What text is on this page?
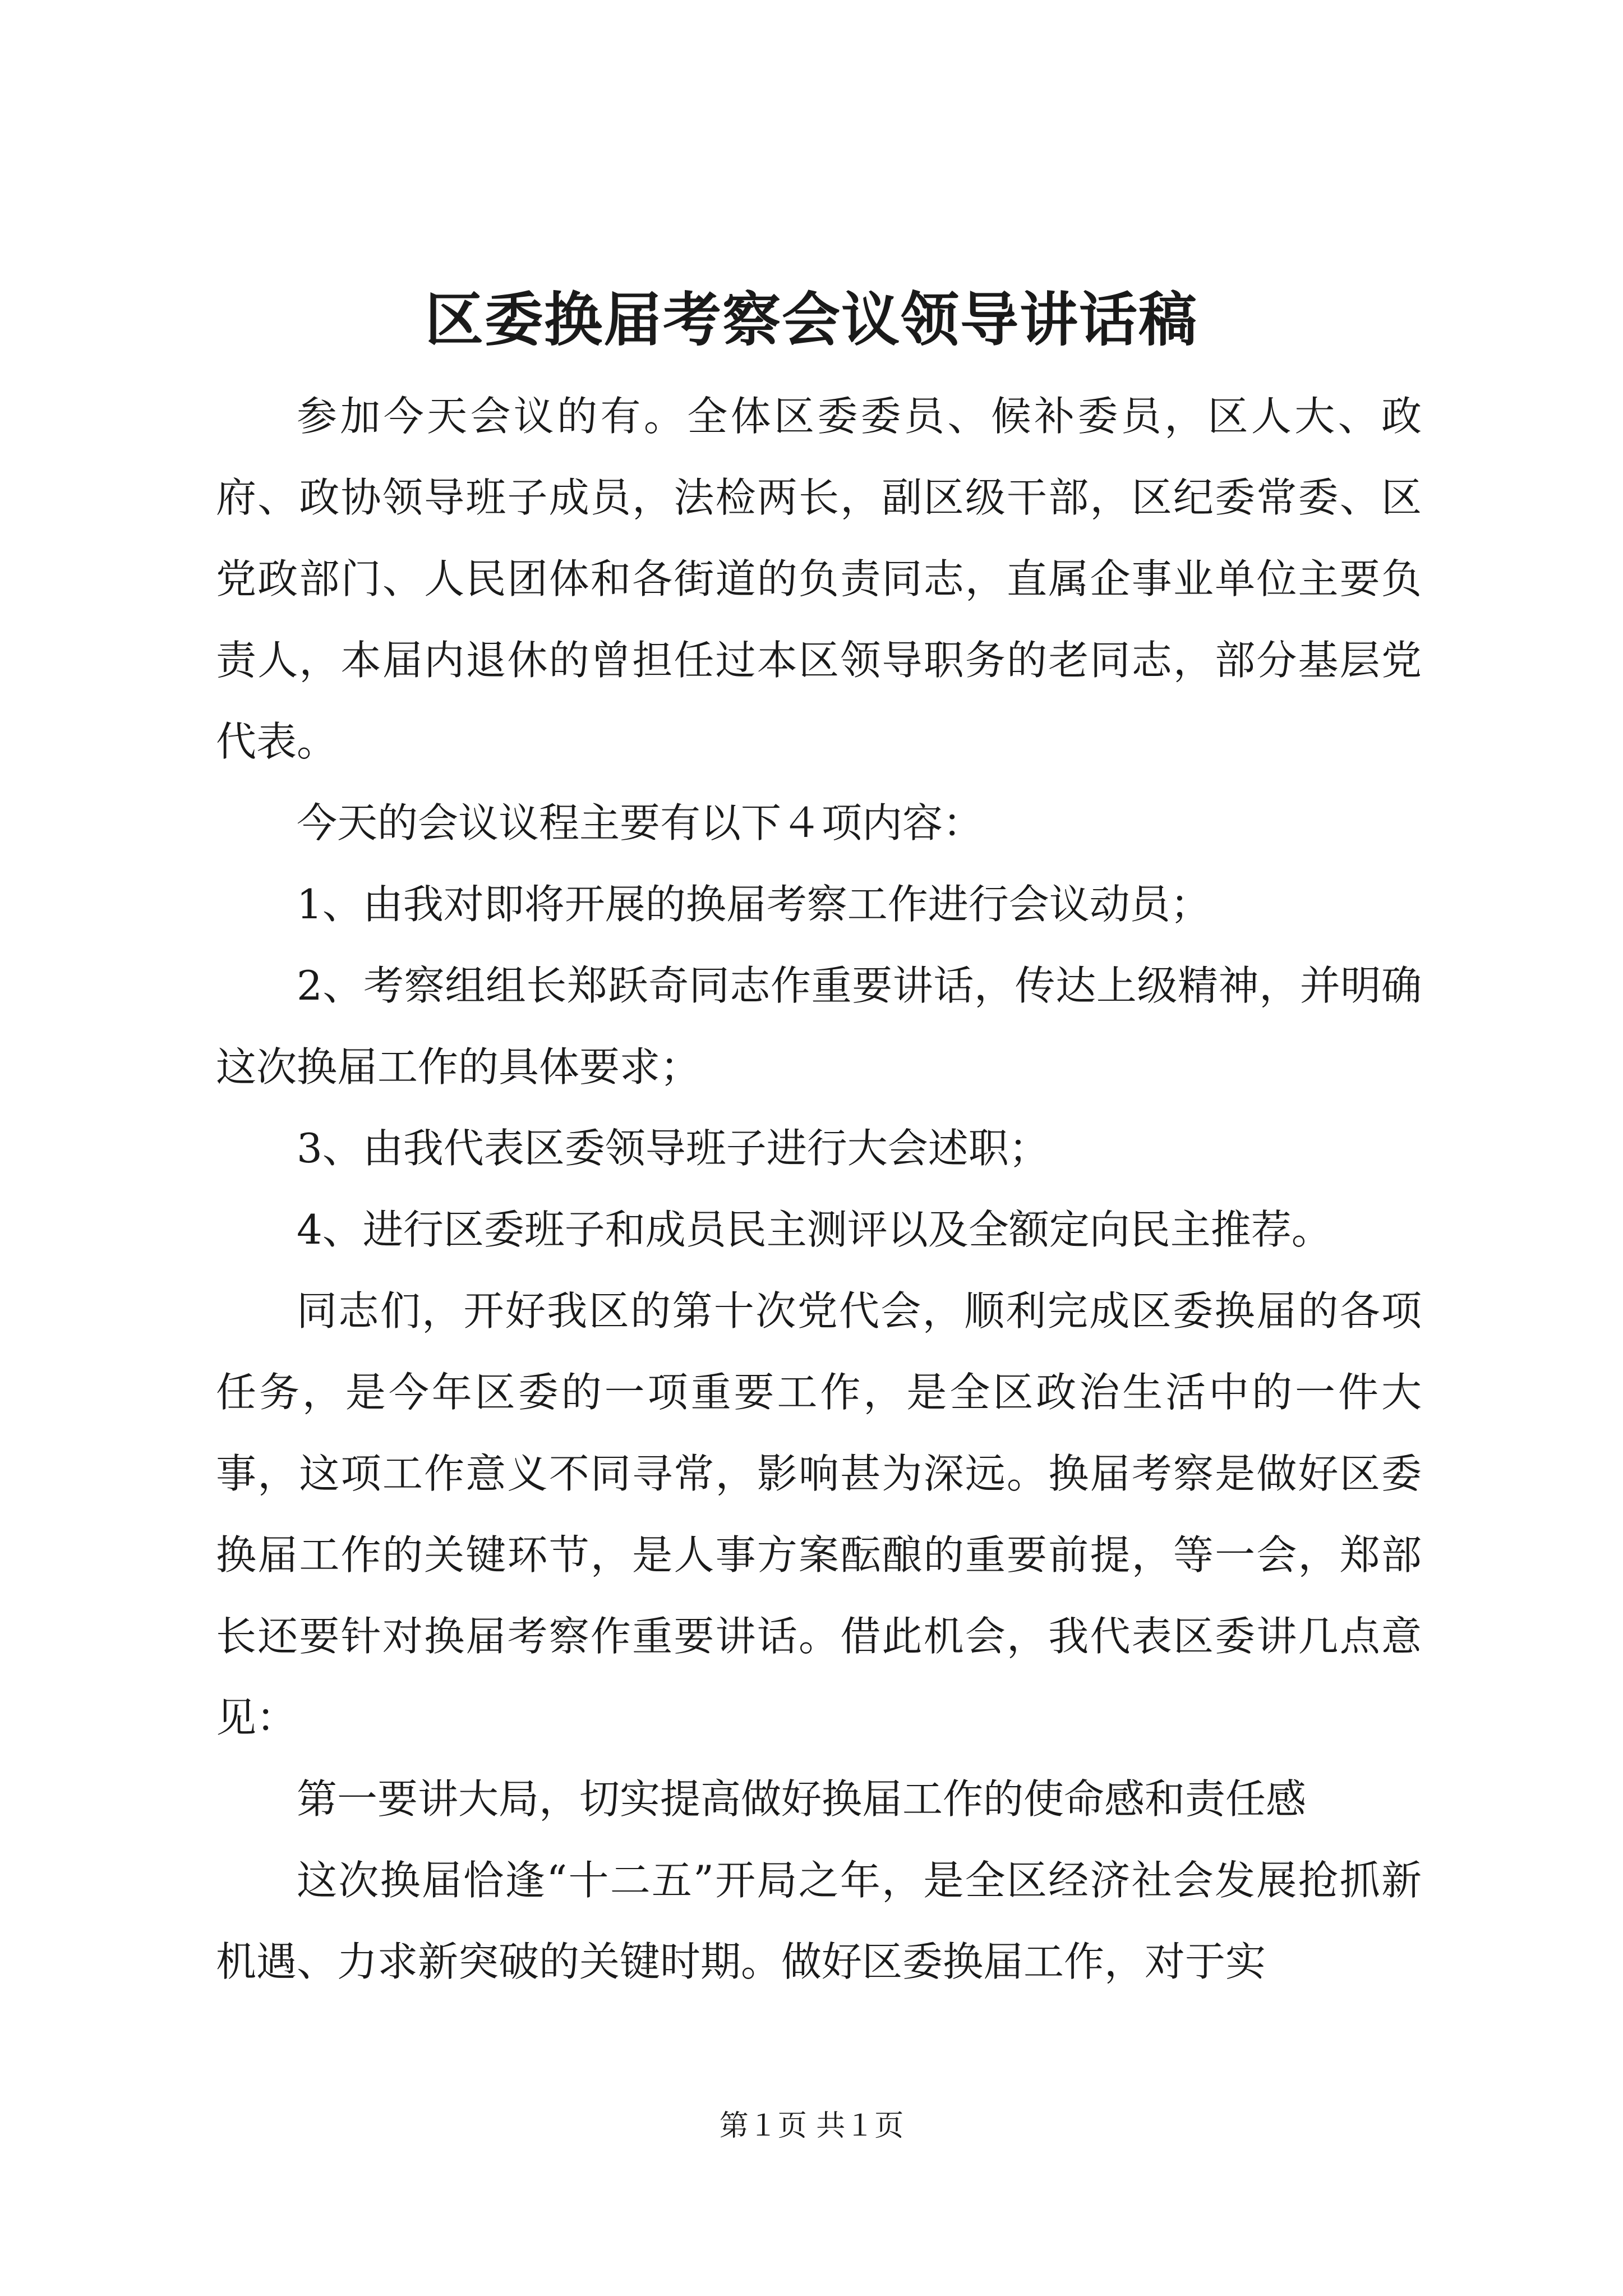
区委换届考察会议领导讲话稿

参加今天会议的有。全体区委委员、候补委员，区人大、政府、政协领导班子成员，法检两长，副区级干部，区纪委常委、区党政部门、人民团体和各街道的负责同志，直属企事业单位主要负责人，本届内退休的曾担任过本区领导职务的老同志，部分基层党代表。

今天的会议议程主要有以下４项内容：

1、由我对即将开展的换届考察工作进行会议动员；

2、考察组组长郑跃奇同志作重要讲话，传达上级精神，并明确这次换届工作的具体要求；

3、由我代表区委领导班子进行大会述职；

4、进行区委班子和成员民主测评以及全额定向民主推荐。

同志们，开好我区的第十次党代会，顺利完成区委换届的各项任务，是今年区委的一项重要工作，是全区政治生活中的一件大事，这项工作意义不同寻常，影响甚为深远。换届考察是做好区委换届工作的关键环节，是人事方案酝酿的重要前提，等一会，郑部长还要针对换届考察作重要讲话。借此机会，我代表区委讲几点意见：

第一要讲大局，切实提高做好换届工作的使命感和责任感

这次换届恰逢“十二五”开局之年，是全区经济社会发展抢抓新机遇、力求新突破的关键时期。做好区委换届工作，对于实

第１页 共１页
